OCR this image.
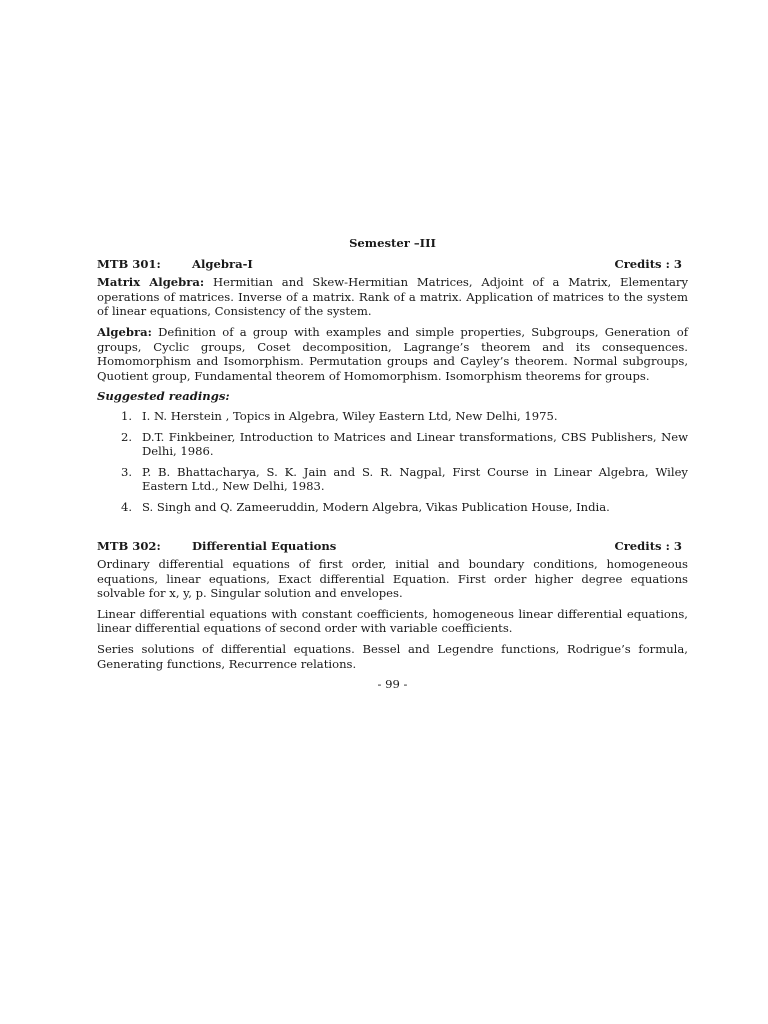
Semester –III
MTB 301:	Algebra-I	Credits : 3

Matrix Algebra: Hermitian and Skew-Hermitian Matrices, Adjoint of a Matrix, Elementary operations of matrices. Inverse of a matrix. Rank of a matrix. Application of matrices to the system of linear equations, Consistency of the system.

Algebra: Definition of a group with examples and simple properties, Subgroups, Generation of groups, Cyclic groups, Coset decomposition, Lagrange’s theorem and its consequences. Homomorphism and Isomorphism. Permutation groups and Cayley’s theorem. Normal subgroups, Quotient group, Fundamental theorem of Homomorphism. Isomorphism theorems for groups.

Suggested readings:
1. I. N. Herstein , Topics in Algebra, Wiley Eastern Ltd, New Delhi, 1975.
2. D.T. Finkbeiner, Introduction to Matrices and Linear transformations, CBS Publishers, New Delhi, 1986.
3. P. B. Bhattacharya, S. K. Jain and S. R. Nagpal, First Course in Linear Algebra, Wiley Eastern Ltd., New Delhi, 1983.
4. S. Singh and Q. Zameeruddin, Modern Algebra, Vikas Publication House, India.
MTB 302:	Differential Equations	Credits : 3

Ordinary differential equations of first order, initial and boundary conditions, homogeneous equations, linear equations, Exact differential Equation. First order higher degree equations solvable for x, y, p. Singular solution and envelopes.

Linear differential equations with constant coefficients, homogeneous linear differential equations, linear differential equations of second order with variable coefficients.

Series solutions of differential equations. Bessel and Legendre functions, Rodrigue’s formula, Generating functions, Recurrence relations.

- 99 -
